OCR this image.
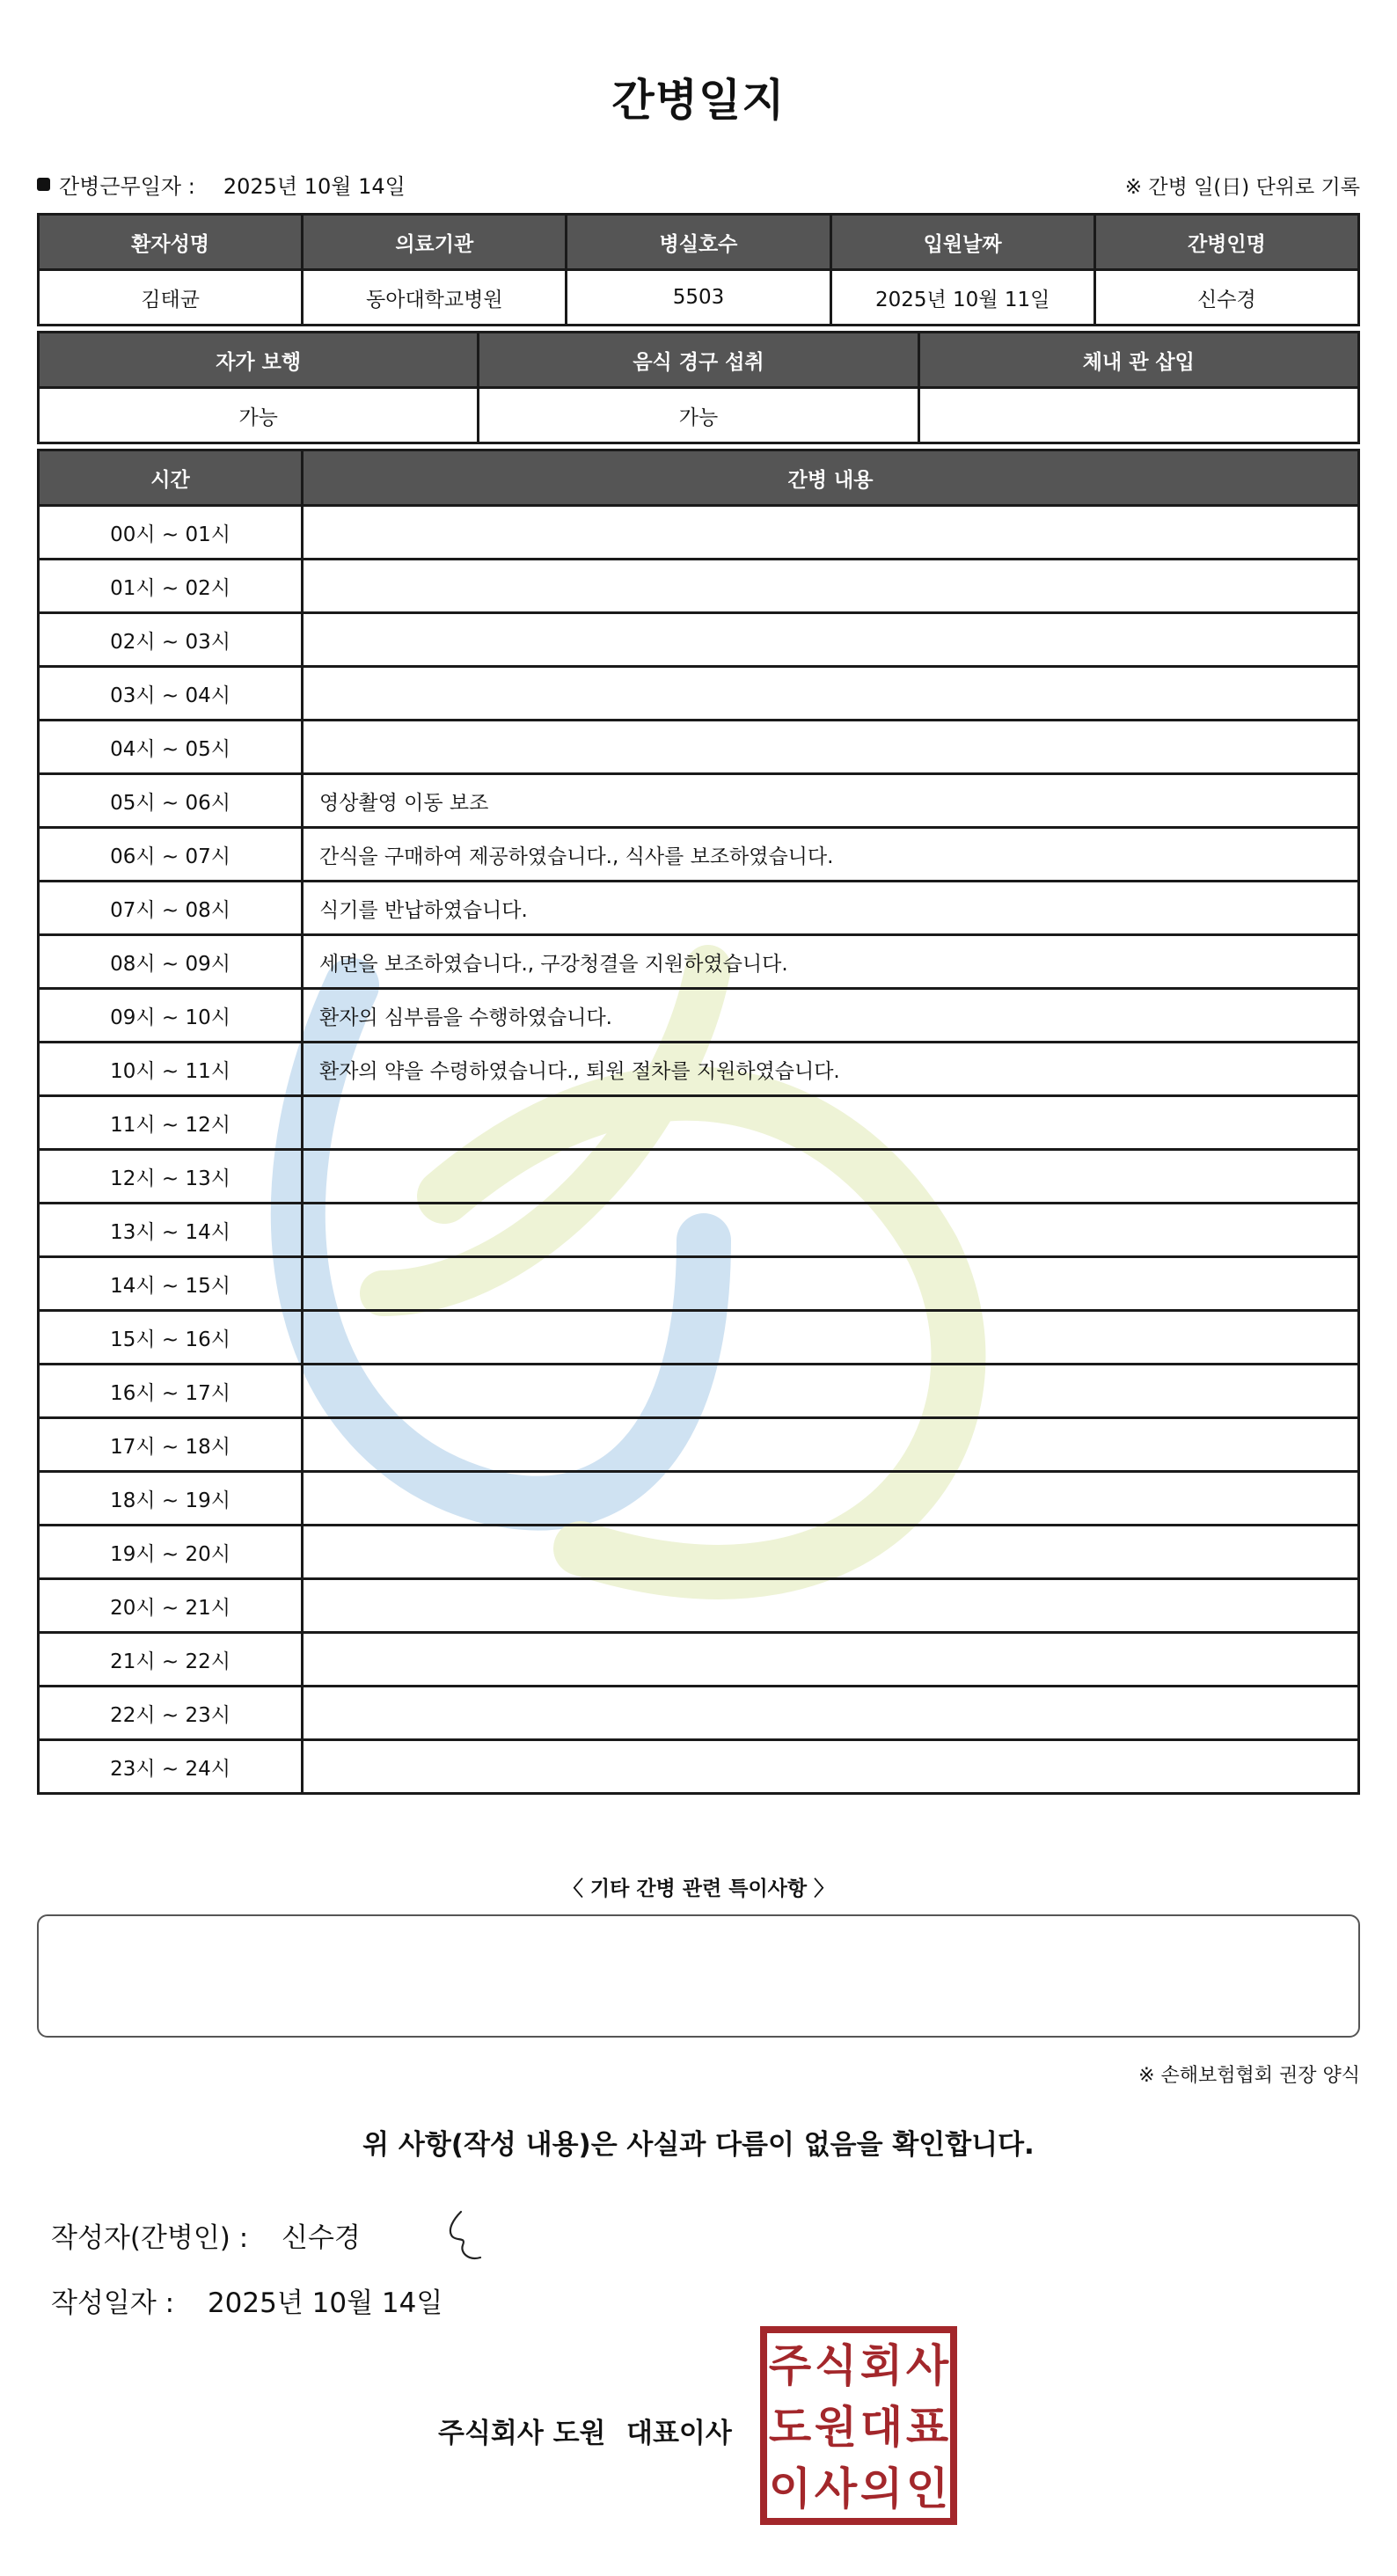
간병일지
간병근무일자 : 2025년 10월 14일	※ 간병 일(日) 단위로 기록
환자성명	의료기관	병실호수	입원날짜	간병인명
김태균	동아대학교병원	5503	2025년 10월 11일	신수경
자가 보행	음식 경구 섭취	체내 관 삽입
가능	가능	
시간	간병 내용
00시 ~ 01시	
01시 ~ 02시	
02시 ~ 03시	
03시 ~ 04시	
04시 ~ 05시	
05시 ~ 06시	영상촬영 이동 보조
06시 ~ 07시	간식을 구매하여 제공하였습니다., 식사를 보조하였습니다.
07시 ~ 08시	식기를 반납하였습니다.
08시 ~ 09시	세면을 보조하였습니다., 구강청결을 지원하였습니다.
09시 ~ 10시	환자의 심부름을 수행하였습니다.
10시 ~ 11시	환자의 약을 수령하였습니다., 퇴원 절차를 지원하였습니다.
11시 ~ 12시	
12시 ~ 13시	
13시 ~ 14시	
14시 ~ 15시	
15시 ~ 16시	
16시 ~ 17시	
17시 ~ 18시	
18시 ~ 19시	
19시 ~ 20시	
20시 ~ 21시	
21시 ~ 22시	
22시 ~ 23시	
23시 ~ 24시	
〈 기타 간병 관련 특이사항 〉
※ 손해보험협회 권장 양식
위 사항(작성 내용)은 사실과 다름이 없음을 확인합니다.
작성자(간병인) : 신수경
작성일자 : 2025년 10월 14일
주식회사 도원 대표이사
주 식 회 사
도 원 대 표
이 사 의 인
